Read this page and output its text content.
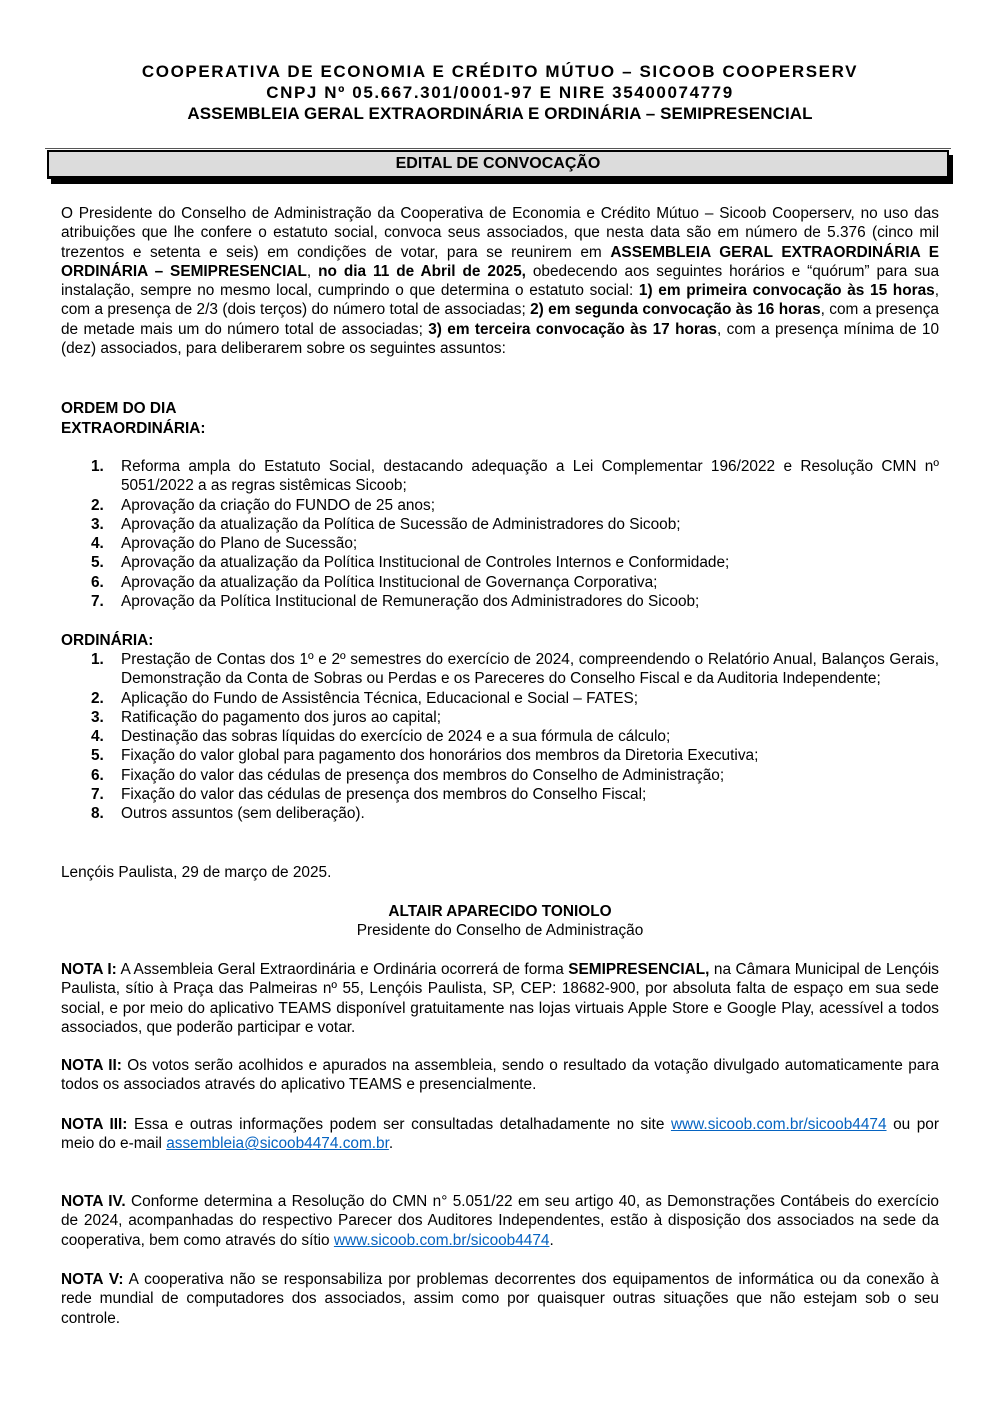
COOPERATIVA DE ECONOMIA E CRÉDITO MÚTUO – SICOOB COOPERSERV
CNPJ Nº 05.667.301/0001-97 E NIRE 35400074779
ASSEMBLEIA GERAL EXTRAORDINÁRIA E ORDINÁRIA – SEMIPRESENCIAL
EDITAL DE CONVOCAÇÃO

O Presidente do Conselho de Administração da Cooperativa de Economia e Crédito Mútuo – Sicoob Cooperserv, no uso das atribuições que lhe confere o estatuto social, convoca seus associados, que nesta data são em número de 5.376 (cinco mil trezentos e setenta e seis) em condições de votar, para se reunirem em ASSEMBLEIA GERAL EXTRAORDINÁRIA E ORDINÁRIA – SEMIPRESENCIAL, no dia 11 de Abril de 2025, obedecendo aos seguintes horários e “quórum” para sua instalação, sempre no mesmo local, cumprindo o que determina o estatuto social: 1) em primeira convocação às 15 horas, com a presença de 2/3 (dois terços) do número total de associadas; 2) em segunda convocação às 16 horas, com a presença de metade mais um do número total de associadas; 3) em terceira convocação às 17 horas, com a presença mínima de 10 (dez) associados, para deliberarem sobre os seguintes assuntos:

ORDEM DO DIA
EXTRAORDINÁRIA:
1. Reforma ampla do Estatuto Social, destacando adequação a Lei Complementar 196/2022 e Resolução CMN nº 5051/2022 a as regras sistêmicas Sicoob;
2. Aprovação da criação do FUNDO de 25 anos;
3. Aprovação da atualização da Política de Sucessão de Administradores do Sicoob;
4. Aprovação do Plano de Sucessão;
5. Aprovação da atualização da Política Institucional de Controles Internos e Conformidade;
6. Aprovação da atualização da Política Institucional de Governança Corporativa;
7. Aprovação da Política Institucional de Remuneração dos Administradores do Sicoob;
ORDINÁRIA:
1. Prestação de Contas dos 1º e 2º semestres do exercício de 2024, compreendendo o Relatório Anual, Balanços Gerais, Demonstração da Conta de Sobras ou Perdas e os Pareceres do Conselho Fiscal e da Auditoria Independente;
2. Aplicação do Fundo de Assistência Técnica, Educacional e Social – FATES;
3. Ratificação do pagamento dos juros ao capital;
4. Destinação das sobras líquidas do exercício de 2024 e a sua fórmula de cálculo;
5. Fixação do valor global para pagamento dos honorários dos membros da Diretoria Executiva;
6. Fixação do valor das cédulas de presença dos membros do Conselho de Administração;
7. Fixação do valor das cédulas de presença dos membros do Conselho Fiscal;
8. Outros assuntos (sem deliberação).

Lençóis Paulista, 29 de março de 2025.

ALTAIR APARECIDO TONIOLO

Presidente do Conselho de Administração

NOTA I: A Assembleia Geral Extraordinária e Ordinária ocorrerá de forma SEMIPRESENCIAL, na Câmara Municipal de Lençóis Paulista, sítio à Praça das Palmeiras nº 55, Lençóis Paulista, SP, CEP: 18682-900, por absoluta falta de espaço em sua sede social, e por meio do aplicativo TEAMS disponível gratuitamente nas lojas virtuais Apple Store e Google Play, acessível a todos associados, que poderão participar e votar.

NOTA II: Os votos serão acolhidos e apurados na assembleia, sendo o resultado da votação divulgado automaticamente para todos os associados através do aplicativo TEAMS e presencialmente.

NOTA III: Essa e outras informações podem ser consultadas detalhadamente no site www.sicoob.com.br/sicoob4474 ou por meio do e-mail assembleia@sicoob4474.com.br.

NOTA IV. Conforme determina a Resolução do CMN n° 5.051/22 em seu artigo 40, as Demonstrações Contábeis do exercício de 2024, acompanhadas do respectivo Parecer dos Auditores Independentes, estão à disposição dos associados na sede da cooperativa, bem como através do sítio www.sicoob.com.br/sicoob4474.

NOTA V: A cooperativa não se responsabiliza por problemas decorrentes dos equipamentos de informática ou da conexão à rede mundial de computadores dos associados, assim como por quaisquer outras situações que não estejam sob o seu controle.
